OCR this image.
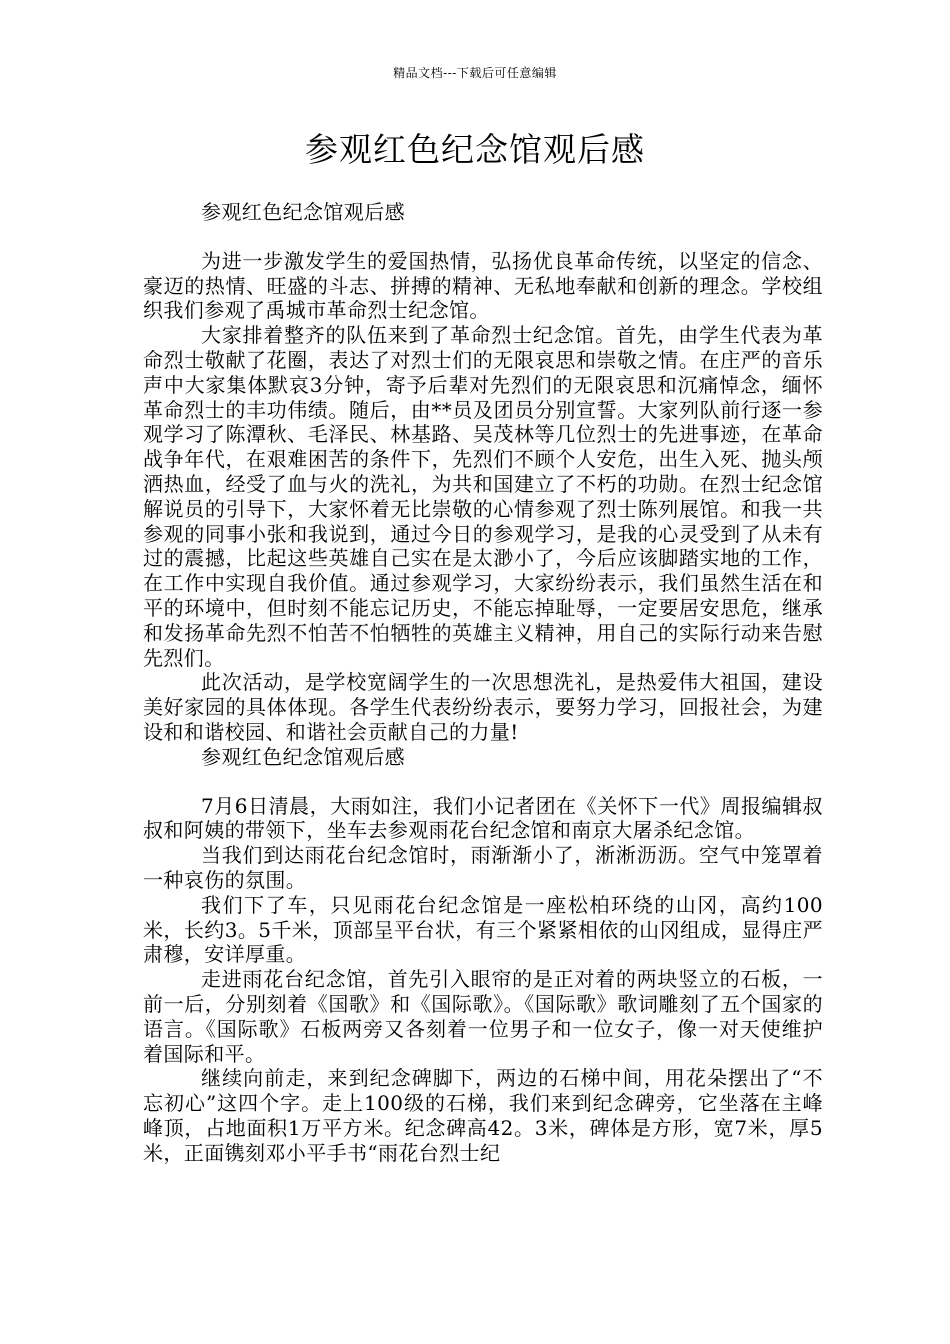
精品文档---下载后可任意编辑
参观红色纪念馆观后感

参观红色纪念馆观后感

为进一步激发学生的爱国热情，弘扬优良革命传统，以坚定的信念、豪迈的热情、旺盛的斗志、拼搏的精神、无私地奉献和创新的理念。学校组织我们参观了禹城市革命烈士纪念馆。

大家排着整齐的队伍来到了革命烈士纪念馆。首先，由学生代表为革命烈士敬献了花圈，表达了对烈士们的无限哀思和崇敬之情。在庄严的音乐声中大家集体默哀3分钟，寄予后辈对先烈们的无限哀思和沉痛悼念，缅怀革命烈士的丰功伟绩。随后，由**员及团员分别宣誓。大家列队前行逐一参观学习了陈潭秋、毛泽民、林基路、吴茂林等几位烈士的先进事迹，在革命战争年代，在艰难困苦的条件下，先烈们不顾个人安危，出生入死、抛头颅洒热血，经受了血与火的洗礼，为共和国建立了不朽的功勋。在烈士纪念馆解说员的引导下，大家怀着无比崇敬的心情参观了烈士陈列展馆。和我一共参观的同事小张和我说到，通过今日的参观学习，是我的心灵受到了从未有过的震撼，比起这些英雄自己实在是太渺小了，今后应该脚踏实地的工作，在工作中实现自我价值。通过参观学习，大家纷纷表示，我们虽然生活在和平的环境中，但时刻不能忘记历史，不能忘掉耻辱，一定要居安思危，继承和发扬革命先烈不怕苦不怕牺牲的英雄主义精神，用自己的实际行动来告慰先烈们。

此次活动，是学校宽阔学生的一次思想洗礼，是热爱伟大祖国，建设美好家园的具体体现。各学生代表纷纷表示，要努力学习，回报社会，为建设和和谐校园、和谐社会贡献自己的力量!

参观红色纪念馆观后感

7月6日清晨，大雨如注，我们小记者团在《关怀下一代》周报编辑叔叔和阿姨的带领下，坐车去参观雨花台纪念馆和南京大屠杀纪念馆。

当我们到达雨花台纪念馆时，雨渐渐小了，淅淅沥沥。空气中笼罩着一种哀伤的氛围。

我们下了车，只见雨花台纪念馆是一座松柏环绕的山冈，高约100米，长约3。5千米，顶部呈平台状，有三个紧紧相依的山冈组成，显得庄严肃穆，安详厚重。

走进雨花台纪念馆，首先引入眼帘的是正对着的两块竖立的石板，一前一后，分别刻着《国歌》和《国际歌》。《国际歌》歌词雕刻了五个国家的语言。《国际歌》石板两旁又各刻着一位男子和一位女子，像一对天使维护着国际和平。

继续向前走，来到纪念碑脚下，两边的石梯中间，用花朵摆出了“不忘初心”这四个字。走上100级的石梯，我们来到纪念碑旁，它坐落在主峰峰顶，占地面积1万平方米。纪念碑高42。3米，碑体是方形，宽7米，厚5米，正面镌刻邓小平手书“雨花台烈士纪
